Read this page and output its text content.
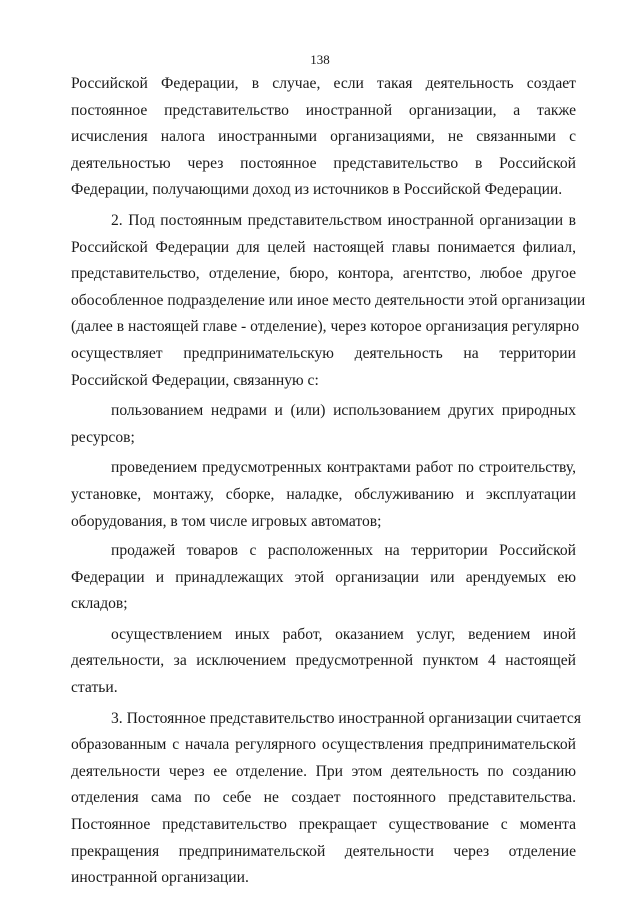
138
Российской Федерации, в случае, если такая деятельность создает
постоянное представительство иностранной организации, а также
исчисления налога иностранными организациями, не связанными с
деятельностью через постоянное представительство в Российской
Федерации, получающими доход из источников в Российской Федерации.
2. Под постоянным представительством иностранной организации в
Российской Федерации для целей настоящей главы понимается филиал,
представительство, отделение, бюро, контора, агентство, любое другое
обособленное подразделение или иное место деятельности этой организации
(далее в настоящей главе - отделение), через которое организация регулярно
осуществляет предпринимательскую деятельность на территории
Российской Федерации, связанную с:
пользованием недрами и (или) использованием других природных
ресурсов;
проведением предусмотренных контрактами работ по строительству,
установке, монтажу, сборке, наладке, обслуживанию и эксплуатации
оборудования, в том числе игровых автоматов;
продажей товаров с расположенных на территории Российской
Федерации и принадлежащих этой организации или арендуемых ею
складов;
осуществлением иных работ, оказанием услуг, ведением иной
деятельности, за исключением предусмотренной пунктом 4 настоящей
статьи.
3. Постоянное представительство иностранной организации считается
образованным с начала регулярного осуществления предпринимательской
деятельности через ее отделение. При этом деятельность по созданию
отделения сама по себе не создает постоянного представительства.
Постоянное представительство прекращает существование с момента
прекращения предпринимательской деятельности через отделение
иностранной организации.
